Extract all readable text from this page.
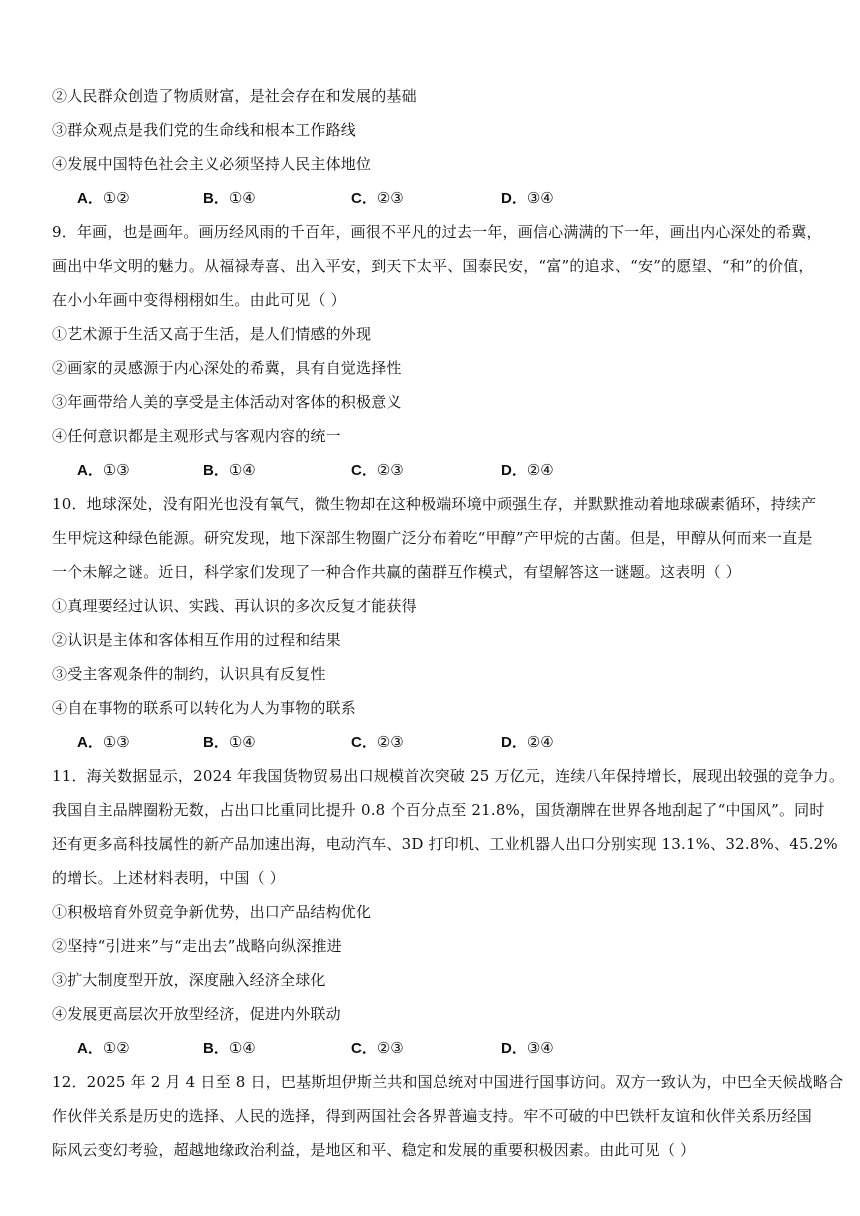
②人民群众创造了物质财富，是社会存在和发展的基础
③群众观点是我们党的生命线和根本工作路线
④发展中国特色社会主义必须坚持人民主体地位
A．①②	B．①④	C．②③	D．③④
9．年画，也是画年。画历经风雨的千百年，画很不平凡的过去一年，画信心满满的下一年，画出内心深处的希冀，
画出中华文明的魅力。从福禄寿喜、出入平安，到天下太平、国泰民安，“富”的追求、“安”的愿望、“和”的价值，
在小小年画中变得栩栩如生。由此可见（ ）
①艺术源于生活又高于生活，是人们情感的外现
②画家的灵感源于内心深处的希冀，具有自觉选择性
③年画带给人美的享受是主体活动对客体的积极意义
④任何意识都是主观形式与客观内容的统一
A．①③	B．①④	C．②③	D．②④
10．地球深处，没有阳光也没有氧气，微生物却在这种极端环境中顽强生存，并默默推动着地球碳素循环，持续产
生甲烷这种绿色能源。研究发现，地下深部生物圈广泛分布着吃“甲醇”产甲烷的古菌。但是，甲醇从何而来一直是
一个未解之谜。近日，科学家们发现了一种合作共赢的菌群互作模式，有望解答这一谜题。这表明（ ）
①真理要经过认识、实践、再认识的多次反复才能获得
②认识是主体和客体相互作用的过程和结果
③受主客观条件的制约，认识具有反复性
④自在事物的联系可以转化为人为事物的联系
A．①③	B．①④	C．②③	D．②④
11．海关数据显示，2024 年我国货物贸易出口规模首次突破 25 万亿元，连续八年保持增长，展现出较强的竞争力。
我国自主品牌圈粉无数，占出口比重同比提升 0.8 个百分点至 21.8%，国货潮牌在世界各地刮起了“中国风”。同时
还有更多高科技属性的新产品加速出海，电动汽车、3D 打印机、工业机器人出口分别实现 13.1%、32.8%、45.2%
的增长。上述材料表明，中国（ ）
①积极培育外贸竞争新优势，出口产品结构优化
②坚持“引进来”与“走出去”战略向纵深推进
③扩大制度型开放，深度融入经济全球化
④发展更高层次开放型经济，促进内外联动
A．①②	B．①④	C．②③	D．③④
12．2025 年 2 月 4 日至 8 日，巴基斯坦伊斯兰共和国总统对中国进行国事访问。双方一致认为，中巴全天候战略合
作伙伴关系是历史的选择、人民的选择，得到两国社会各界普遍支持。牢不可破的中巴铁杆友谊和伙伴关系历经国
际风云变幻考验，超越地缘政治利益，是地区和平、稳定和发展的重要积极因素。由此可见（ ）
